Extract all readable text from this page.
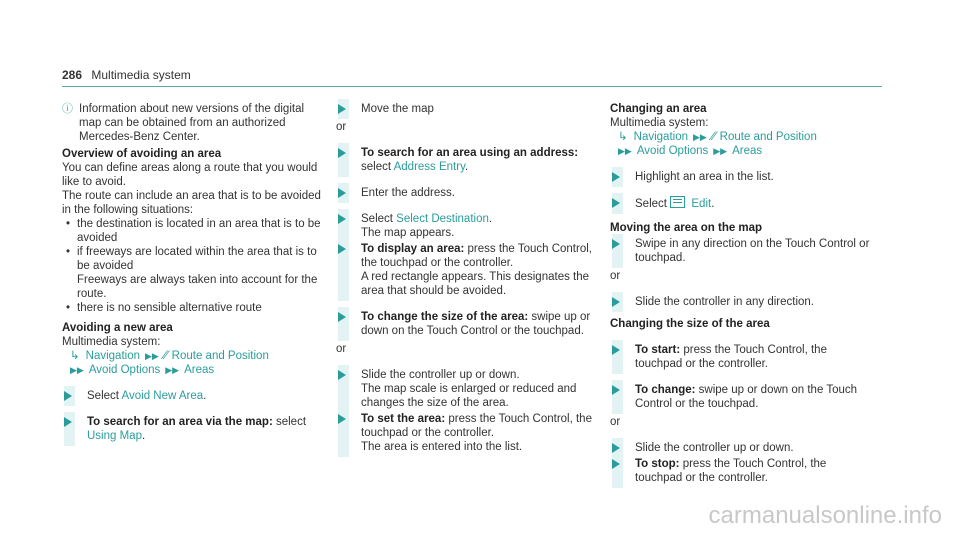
286 Multimedia system
ⓘ Information about new versions of the digital map can be obtained from an authorized Mercedes-Benz Center.

Overview of avoiding an area

You can define areas along a route that you would like to avoid.

The route can include an area that is to be avoided in the following situations:

• the destination is located in an area that is to be avoided

• if freeways are located within the area that is to be avoided

Freeways are always taken into account for the route.

• there is no sensible alternative route

Avoiding a new area

Multimedia system:

↳ Navigation ▶▶ ⁄⁄ Route and Position
▶▶ Avoid Options ▶▶ Areas

Select Avoid New Area.

To search for an area via the map: select
Using Map.

Move the map

or

To search for an area using an address:
select Address Entry.

Enter the address.

Select Select Destination.
The map appears.

To display an area: press the Touch Control, the touchpad or the controller.
A red rectangle appears. This designates the area that should be avoided.

To change the size of the area: swipe up or down on the Touch Control or the touchpad.

or

Slide the controller up or down.
The map scale is enlarged or reduced and changes the size of the area.

To set the area: press the Touch Control, the touchpad or the controller.
The area is entered into the list.

Changing an area

Multimedia system:

↳ Navigation ▶▶ ⁄⁄ Route and Position
▶▶ Avoid Options ▶▶ Areas

Highlight an area in the list.

Select  Edit.

Moving the area on the map

Swipe in any direction on the Touch Control or touchpad.

or

Slide the controller in any direction.

Changing the size of the area

To start: press the Touch Control, the touchpad or the controller.

To change: swipe up or down on the Touch Control or the touchpad.

or

Slide the controller up or down.

To stop: press the Touch Control, the touchpad or the controller.

carmanualsonline.info
